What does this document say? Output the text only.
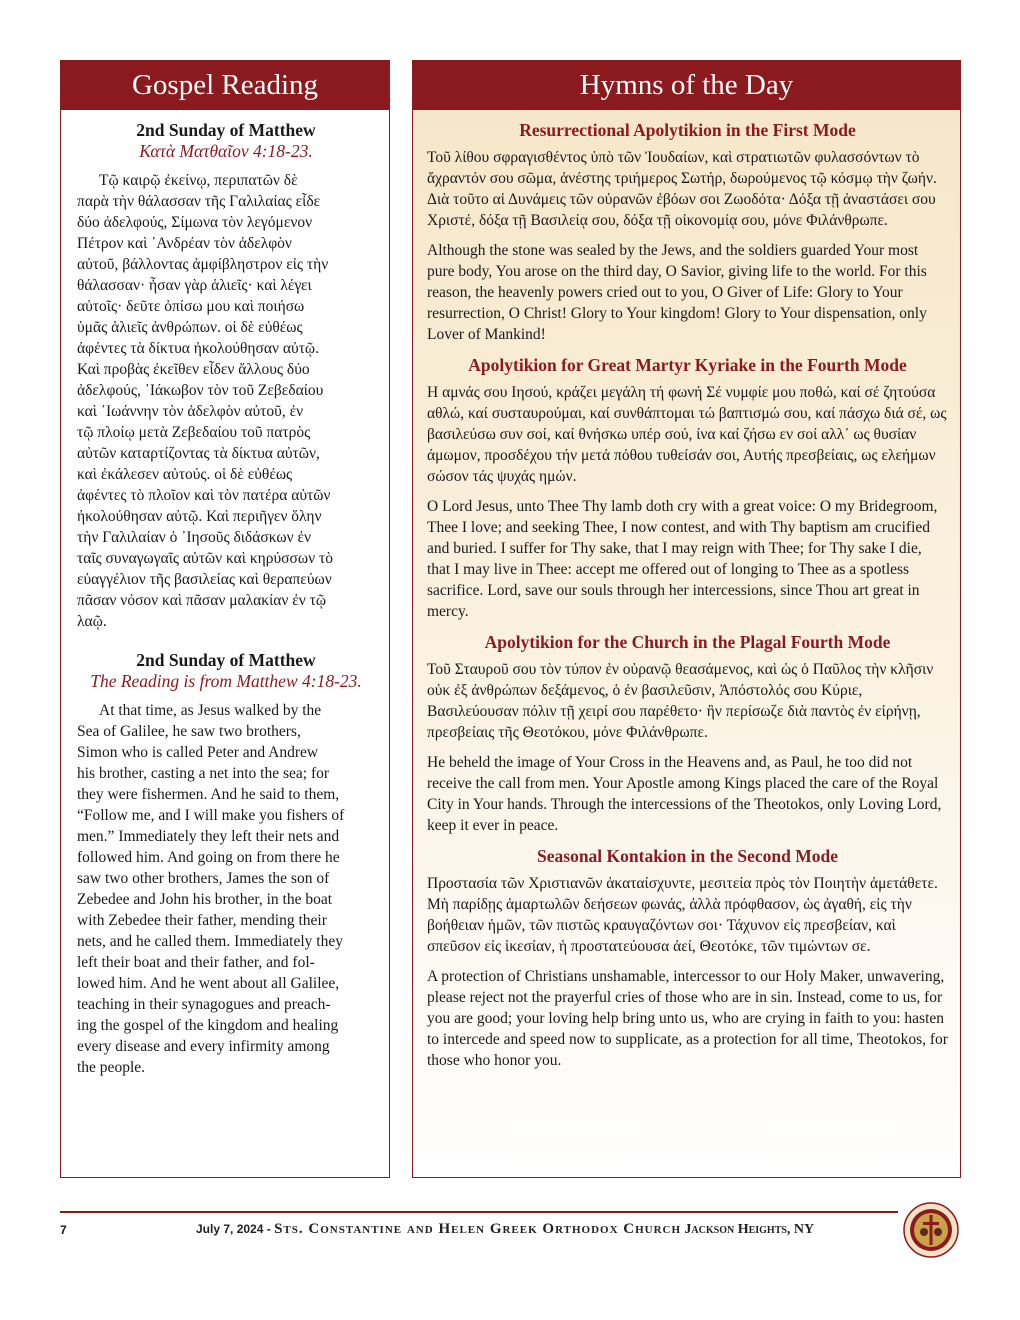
Gospel Reading
2nd Sunday of Matthew
Κατὰ Ματθαῖον 4:18-23.
Τῷ καιρῷ ἐκείνῳ, περιπατῶν δὲ
παρὰ τὴν θάλασσαν τῆς Γαλιλαίας εἶδε
δύο ἀδελφούς, Σίμωνα τὸν λεγόμενον
Πέτρον καὶ ᾽Ανδρέαν τὸν ἀδελφὸν
αὐτοῦ, βάλλοντας ἀμφίβληστρον εἰς τὴν
θάλασσαν· ἦσαν γὰρ ἁλιεῖς· καὶ λέγει
αὐτοῖς· δεῦτε ὀπίσω μου καὶ ποιήσω
ὑμᾶς ἁλιεῖς ἀνθρώπων. οἱ δὲ εὐθέως
ἀφέντες τὰ δίκτυα ἠκολούθησαν αὐτῷ.
Καὶ προβὰς ἐκεῖθεν εἶδεν ἄλλους δύο
ἀδελφούς, ᾽Ιάκωβον τὸν τοῦ Ζεβεδαίου
καὶ ᾽Ιωάννην τὸν ἀδελφὸν αὐτοῦ, ἐν
τῷ πλοίῳ μετὰ Ζεβεδαίου τοῦ πατρὸς
αὐτῶν καταρτίζοντας τὰ δίκτυα αὐτῶν,
καὶ ἐκάλεσεν αὐτούς. οἱ δὲ εὐθέως
ἀφέντες τὸ πλοῖον καὶ τὸν πατέρα αὐτῶν
ἠκολούθησαν αὐτῷ. Καὶ περιῆγεν ὅλην
τὴν Γαλιλαίαν ὁ ᾽Ιησοῦς διδάσκων ἐν
ταῖς συναγωγαῖς αὐτῶν καὶ κηρύσσων τὸ
εὐαγγέλιον τῆς βασιλείας καὶ θεραπεύων
πᾶσαν νόσον καὶ πᾶσαν μαλακίαν ἐν τῷ
λαῷ.
2nd Sunday of Matthew
The Reading is from Matthew 4:18-23.
At that time, as Jesus walked by the
Sea of Galilee, he saw two brothers,
Simon who is called Peter and Andrew
his brother, casting a net into the sea; for
they were fishermen. And he said to them,
“Follow me, and I will make you fishers of
men.” Immediately they left their nets and
followed him. And going on from there he
saw two other brothers, James the son of
Zebedee and John his brother, in the boat
with Zebedee their father, mending their
nets, and he called them. Immediately they
left their boat and their father, and fol-
lowed him. And he went about all Galilee,
teaching in their synagogues and preach-
ing the gospel of the kingdom and healing
every disease and every infirmity among
the people.
Hymns of the Day
Resurrectional Apolytikion in the First Mode

Τοῦ λίθου σφραγισθέντος ὑπὸ τῶν Ἰουδαίων, καὶ στρατιωτῶν φυλασσόντων τὸ ἄχραντόν σου σῶμα, ἀνέστης τριήμερος Σωτήρ, δωρούμενος τῷ κόσμῳ τὴν ζωήν. Διὰ τοῦτο αἱ Δυνάμεις τῶν οὐρανῶν ἐβόων σοι Ζωοδότα· Δόξα τῇ ἀναστάσει σου Χριστέ, δόξα τῇ Βασιλείᾳ σου, δόξα τῇ οἰκονομίᾳ σου, μόνε Φιλάνθρωπε.

Although the stone was sealed by the Jews, and the soldiers guarded Your most pure body, You arose on the third day, O Savior, giving life to the world. For this reason, the heavenly powers cried out to you, O Giver of Life: Glory to Your resurrection, O Christ! Glory to Your kingdom! Glory to Your dispensation, only Lover of Mankind!

Apolytikion for Great Martyr Kyriake in the Fourth Mode

Η αμνάς σου Ιησού, κράζει μεγάλη τή φωνή Σέ νυμφίε μου ποθώ, καί σέ ζητούσα αθλώ, καί συσταυρούμαι, καί συνθάπτομαι τώ βαπτισμώ σου, καί πάσχω διά σέ, ως βασιλεύσω συν σοί, καί θνήσκω υπέρ σού, ίνα καί ζήσω εν σοί αλλ᾽ ως θυσίαν άμωμον, προσδέχου τήν μετά πόθου τυθείσάν σοι, Αυτής πρεσβείαις, ως ελεήμων σώσον τάς ψυχάς ημών.

O Lord Jesus, unto Thee Thy lamb doth cry with a great voice: O my Bridegroom, Thee I love; and seeking Thee, I now contest, and with Thy baptism am crucified and buried. I suffer for Thy sake, that I may reign with Thee; for Thy sake I die, that I may live in Thee: accept me offered out of longing to Thee as a spotless sacrifice. Lord, save our souls through her intercessions, since Thou art great in mercy.

Apolytikion for the Church in the Plagal Fourth Mode

Τοῦ Σταυροῦ σου τὸν τύπον ἐν οὐρανῷ θεασάμενος, καὶ ὡς ὁ Παῦλος τὴν κλῆσιν οὐκ ἐξ ἀνθρώπων δεξάμενος, ὁ ἐν βασιλεῦσιν, Ἀπόστολός σου Κύριε, Βασιλεύουσαν πόλιν τῇ χειρί σου παρέθετο· ἣν περίσωζε διὰ παντὸς ἐν εἰρήνῃ, πρεσβείαις τῆς Θεοτόκου, μόνε Φιλάνθρωπε.

He beheld the image of Your Cross in the Heavens and, as Paul, he too did not receive the call from men. Your Apostle among Kings placed the care of the Royal City in Your hands. Through the intercessions of the Theotokos, only Loving Lord, keep it ever in peace.

Seasonal Kontakion in the Second Mode

Προστασία τῶν Χριστιανῶν ἀκαταίσχυντε, μεσιτεία πρὸς τὸν Ποιητὴν ἀμετάθετε. Μὴ παρίδῃς ἁμαρτωλῶν δεήσεων φωνάς, ἀλλὰ πρόφθασον, ὡς ἀγαθή, εἰς τὴν βοήθειαν ἡμῶν, τῶν πιστῶς κραυγαζόντων σοι· Τάχυνον εἰς πρεσβείαν, καὶ σπεῦσον εἰς ἱκεσίαν, ἡ προστατεύουσα ἀεί, Θεοτόκε, τῶν τιμώντων σε.

A protection of Christians unshamable, intercessor to our Holy Maker, unwavering, please reject not the prayerful cries of those who are in sin. Instead, come to us, for you are good; your loving help bring unto us, who are crying in faith to you: hasten to intercede and speed now to supplicate, as a protection for all time, Theotokos, for those who honor you.

7	July 7, 2024 - Sts. Constantine and Helen Greek Orthodox Church Jackson Heights, NY
